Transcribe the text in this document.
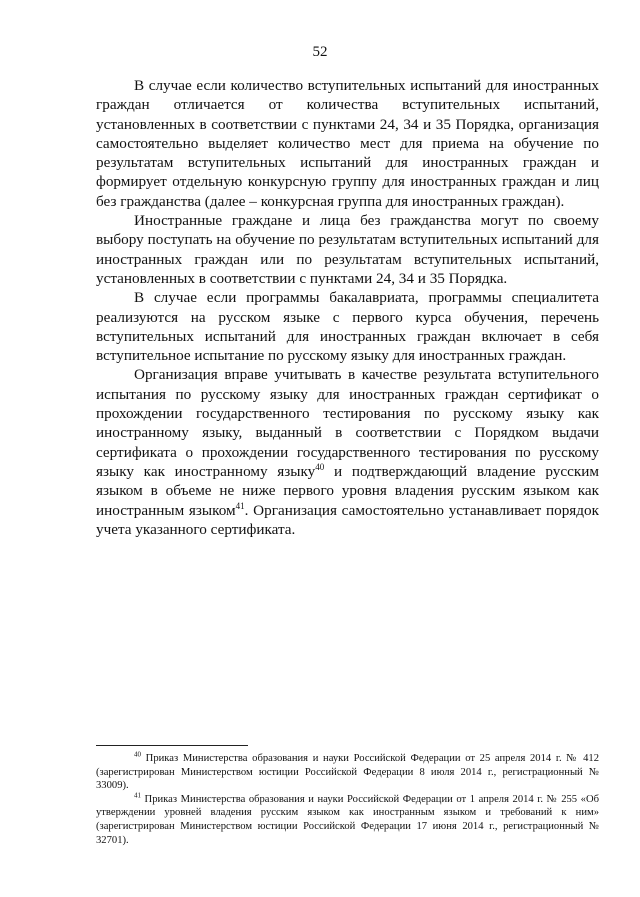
52

В случае если количество вступительных испытаний для иностранных граждан отличается от количества вступительных испытаний, установленных в соответствии с пунктами 24, 34 и 35 Порядка, организация самостоятельно выделяет количество мест для приема на обучение по результатам вступительных испытаний для иностранных граждан и формирует отдельную конкурсную группу для иностранных граждан и лиц без гражданства (далее – конкурсная группа для иностранных граждан).

Иностранные граждане и лица без гражданства могут по своему выбору поступать на обучение по результатам вступительных испытаний для иностранных граждан или по результатам вступительных испытаний, установленных в соответствии с пунктами 24, 34 и 35 Порядка.

В случае если программы бакалавриата, программы специалитета реализуются на русском языке с первого курса обучения, перечень вступительных испытаний для иностранных граждан включает в себя вступительное испытание по русскому языку для иностранных граждан.

Организация вправе учитывать в качестве результата вступительного испытания по русскому языку для иностранных граждан сертификат о прохождении государственного тестирования по русскому языку как иностранному языку, выданный в соответствии с Порядком выдачи сертификата о прохождении государственного тестирования по русскому языку как иностранному языку$^{40}$ и подтверждающий владение русским языком в объеме не ниже первого уровня владения русским языком как иностранным языком$^{41}$. Организация самостоятельно устанавливает порядок учета указанного сертификата.

$^{40}$ Приказ Министерства образования и науки Российской Федерации от 25 апреля 2014 г. № 412 (зарегистрирован Министерством юстиции Российской Федерации 8 июля 2014 г., регистрационный № 33009).

$^{41}$ Приказ Министерства образования и науки Российской Федерации от 1 апреля 2014 г. № 255 «Об утверждении уровней владения русским языком как иностранным языком и требований к ним» (зарегистрирован Министерством юстиции Российской Федерации 17 июня 2014 г., регистрационный № 32701).
